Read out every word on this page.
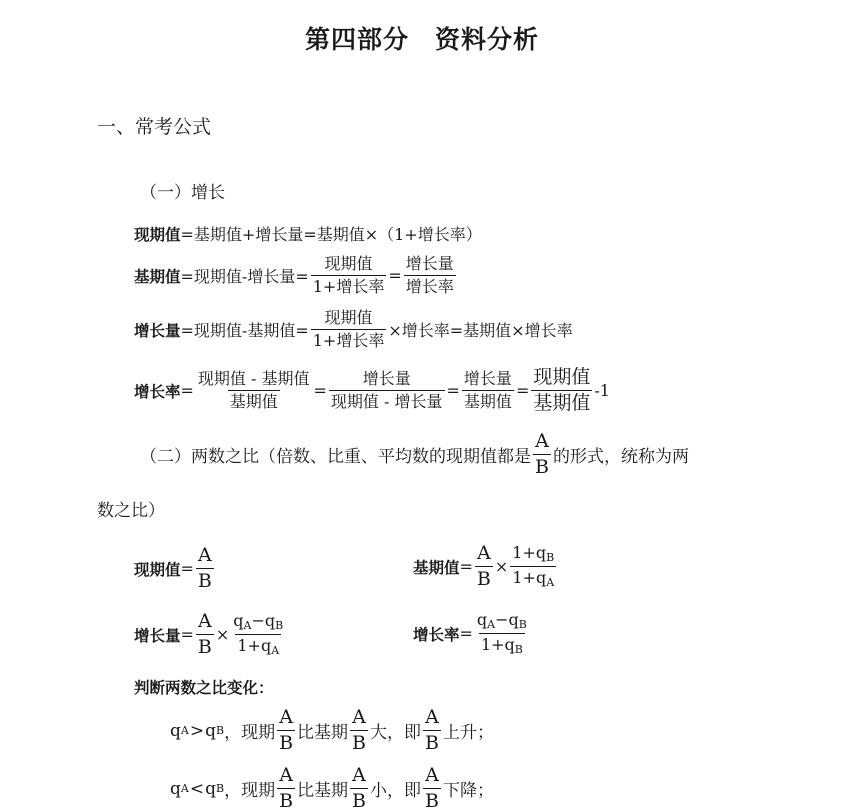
第四部分　资料分析
一、常考公式
（一）增长
现期值 =基期值+增长量=基期值×（1+增长率）
基期值 =现期值-增长量= $\frac{\text{现期值}}{\text{1+增长率}} = \frac{\text{增长量}}{\text{增长率}}$
增长量 =现期值-基期值= $\frac{\text{现期值}}{\text{1+增长率}}$ ×增长率=基期值×增长率
增长率 = $\frac{\text{现期值 - 基期值}}{\text{基期值}} = \frac{\text{增长量}}{\text{现期值 - 增长量}} = \frac{\text{增长量}}{\text{基期值}} = \frac{\text{现期值}}{\text{基期值}} -1$
（二）两数之比（倍数、比重、平均数的现期值都是 $\frac{A}{B}$ 的形式，统称为两
数之比）
现期值 = $\frac{A}{B}$	基期值 = $\frac{A}{B} \times \frac{1+q_B}{1+q_A}$
增长量 = $\frac{A}{B} \times \frac{q_A-q_B}{1+q_A}$	增长率 = $\frac{q_A-q_B}{1+q_B}$
判断两数之比变化：
q A > q B ，现期 $\frac{A}{B}$ 比基期 $\frac{A}{B}$ 大，即 $\frac{A}{B}$ 上升；
q A < q B ，现期 $\frac{A}{B}$ 比基期 $\frac{A}{B}$ 小，即 $\frac{A}{B}$ 下降；
